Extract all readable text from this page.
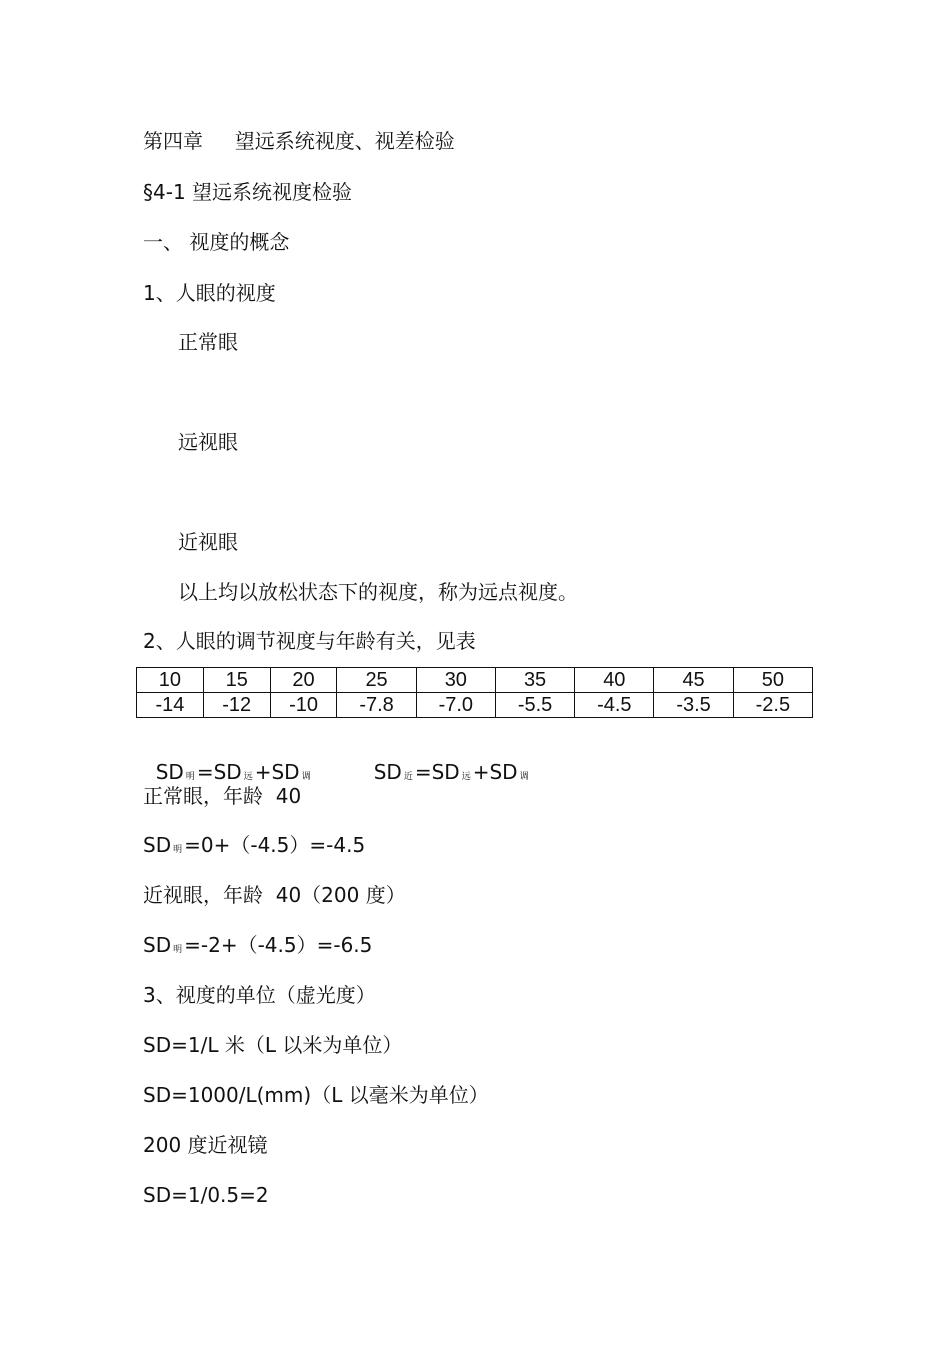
第四章     望远系统视度、视差检验
§4-1 望远系统视度检验
一、 视度的概念
1、人眼的视度
正常眼
远视眼
近视眼
以上均以放松状态下的视度，称为远点视度。
2、人眼的调节视度与年龄有关，见表
10	15	20	25	30	35	40	45	50
-14	-12	-10	-7.8	-7.0	-5.5	-4.5	-3.5	-2.5

SD 明 =SD 远 +SD 调	SD 近 =SD 远 +SD 调

正常眼，年龄  40
SD 明 =0+（-4.5）=-4.5
近视眼，年龄  40（200 度）
SD 明 =-2+（-4.5）=-6.5
3、视度的单位（虚光度）
SD=1/L 米（L 以米为单位）
SD=1000/L(mm)（L 以毫米为单位）
200 度近视镜
SD=1/0.5=2
